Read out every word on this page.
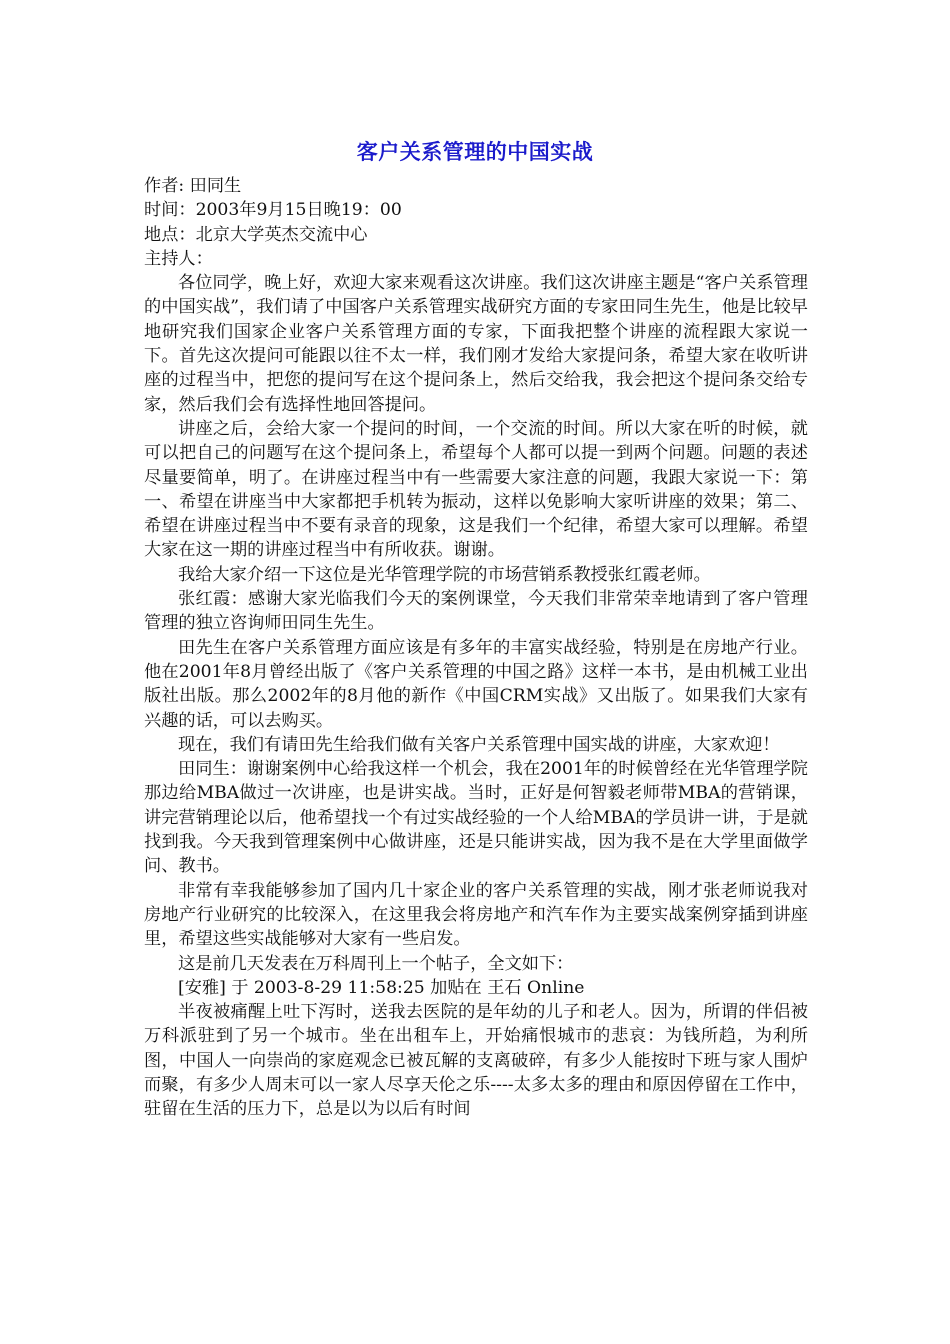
客户关系管理的中国实战

作者: 田同生

时间：2003年9月15日晚19：00

地点：北京大学英杰交流中心

主持人：

各位同学，晚上好，欢迎大家来观看这次讲座。我们这次讲座主题是“客户关系管理的中国实战”，我们请了中国客户关系管理实战研究方面的专家田同生先生，他是比较早地研究我们国家企业客户关系管理方面的专家，下面我把整个讲座的流程跟大家说一下。首先这次提问可能跟以往不太一样，我们刚才发给大家提问条，希望大家在收听讲座的过程当中，把您的提问写在这个提问条上，然后交给我，我会把这个提问条交给专家，然后我们会有选择性地回答提问。

讲座之后，会给大家一个提问的时间，一个交流的时间。所以大家在听的时候，就可以把自己的问题写在这个提问条上，希望每个人都可以提一到两个问题。问题的表述尽量要简单，明了。在讲座过程当中有一些需要大家注意的问题，我跟大家说一下：第一、希望在讲座当中大家都把手机转为振动，这样以免影响大家听讲座的效果；第二、希望在讲座过程当中不要有录音的现象，这是我们一个纪律，希望大家可以理解。希望大家在这一期的讲座过程当中有所收获。谢谢。

我给大家介绍一下这位是光华管理学院的市场营销系教授张红霞老师。

张红霞：感谢大家光临我们今天的案例课堂，今天我们非常荣幸地请到了客户管理管理的独立咨询师田同生先生。

田先生在客户关系管理方面应该是有多年的丰富实战经验，特别是在房地产行业。他在2001年8月曾经出版了《客户关系管理的中国之路》这样一本书，是由机械工业出版社出版。那么2002年的8月他的新作《中国CRM实战》又出版了。如果我们大家有兴趣的话，可以去购买。

现在，我们有请田先生给我们做有关客户关系管理中国实战的讲座，大家欢迎！

田同生：谢谢案例中心给我这样一个机会，我在2001年的时候曾经在光华管理学院那边给MBA做过一次讲座，也是讲实战。当时，正好是何智毅老师带MBA的营销课，讲完营销理论以后，他希望找一个有过实战经验的一个人给MBA的学员讲一讲，于是就找到我。今天我到管理案例中心做讲座，还是只能讲实战，因为我不是在大学里面做学问、教书。

非常有幸我能够参加了国内几十家企业的客户关系管理的实战，刚才张老师说我对房地产行业研究的比较深入，在这里我会将房地产和汽车作为主要实战案例穿插到讲座里，希望这些实战能够对大家有一些启发。

这是前几天发表在万科周刊上一个帖子，全文如下：

[安雅] 于 2003-8-29 11:58:25 加贴在 王石 Online

半夜被痛醒上吐下泻时，送我去医院的是年幼的儿子和老人。因为，所谓的伴侣被万科派驻到了另一个城市。坐在出租车上，开始痛恨城市的悲哀：为钱所趋，为利所图，中国人一向崇尚的家庭观念已被瓦解的支离破碎，有多少人能按时下班与家人围炉而聚，有多少人周末可以一家人尽享天伦之乐----太多太多的理由和原因停留在工作中，驻留在生活的压力下，总是以为以后有时间
